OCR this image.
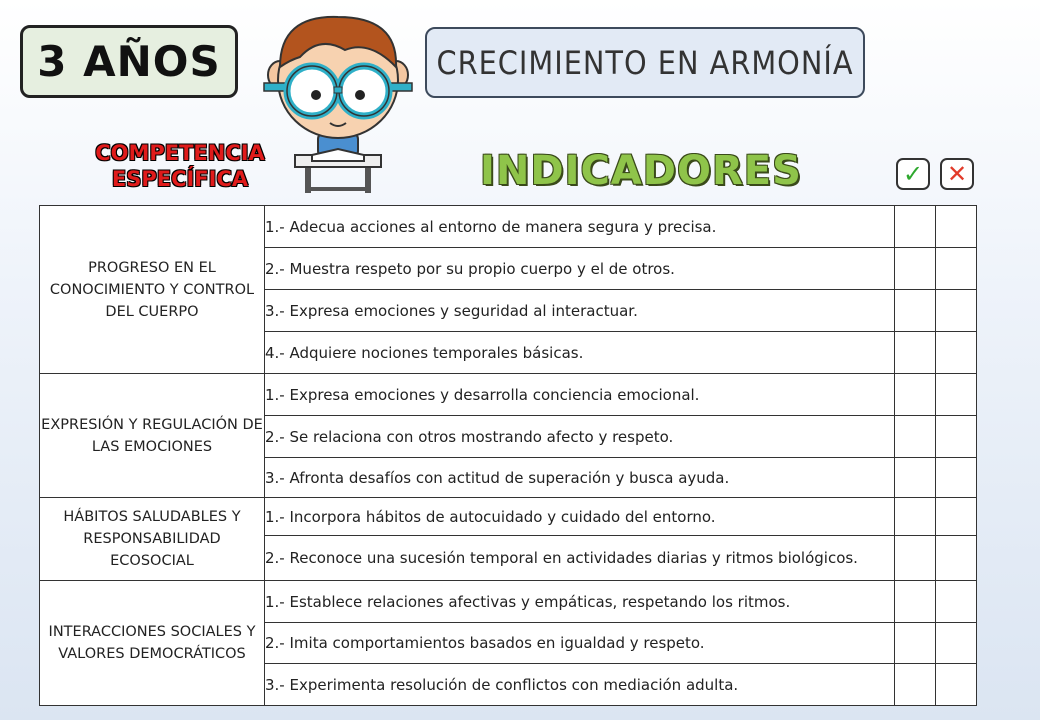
3 AÑOS	CRECIMIENTO EN ARMONÍA
COMPETENCIA ESPECÍFICA	INDICADORES	✓ ✕
PROGRESO EN EL CONOCIMIENTO Y CONTROL DEL CUERPO	1.- Adecua acciones al entorno de manera segura y precisa.		
	2.- Muestra respeto por su propio cuerpo y el de otros.		
	3.- Expresa emociones y seguridad al interactuar.		
	4.- Adquiere nociones temporales básicas.		
EXPRESIÓN Y REGULACIÓN DE LAS EMOCIONES	1.- Expresa emociones y desarrolla conciencia emocional.		
	2.- Se relaciona con otros mostrando afecto y respeto.		
	3.- Afronta desafíos con actitud de superación y busca ayuda.		
HÁBITOS SALUDABLES Y RESPONSABILIDAD ECOSOCIAL	1.- Incorpora hábitos de autocuidado y cuidado del entorno.		
	2.- Reconoce una sucesión temporal en actividades diarias y ritmos biológicos.		
INTERACCIONES SOCIALES Y VALORES DEMOCRÁTICOS	1.- Establece relaciones afectivas y empáticas, respetando los ritmos.		
	2.- Imita comportamientos basados en igualdad y respeto.		
	3.- Experimenta resolución de conflictos con mediación adulta.		
